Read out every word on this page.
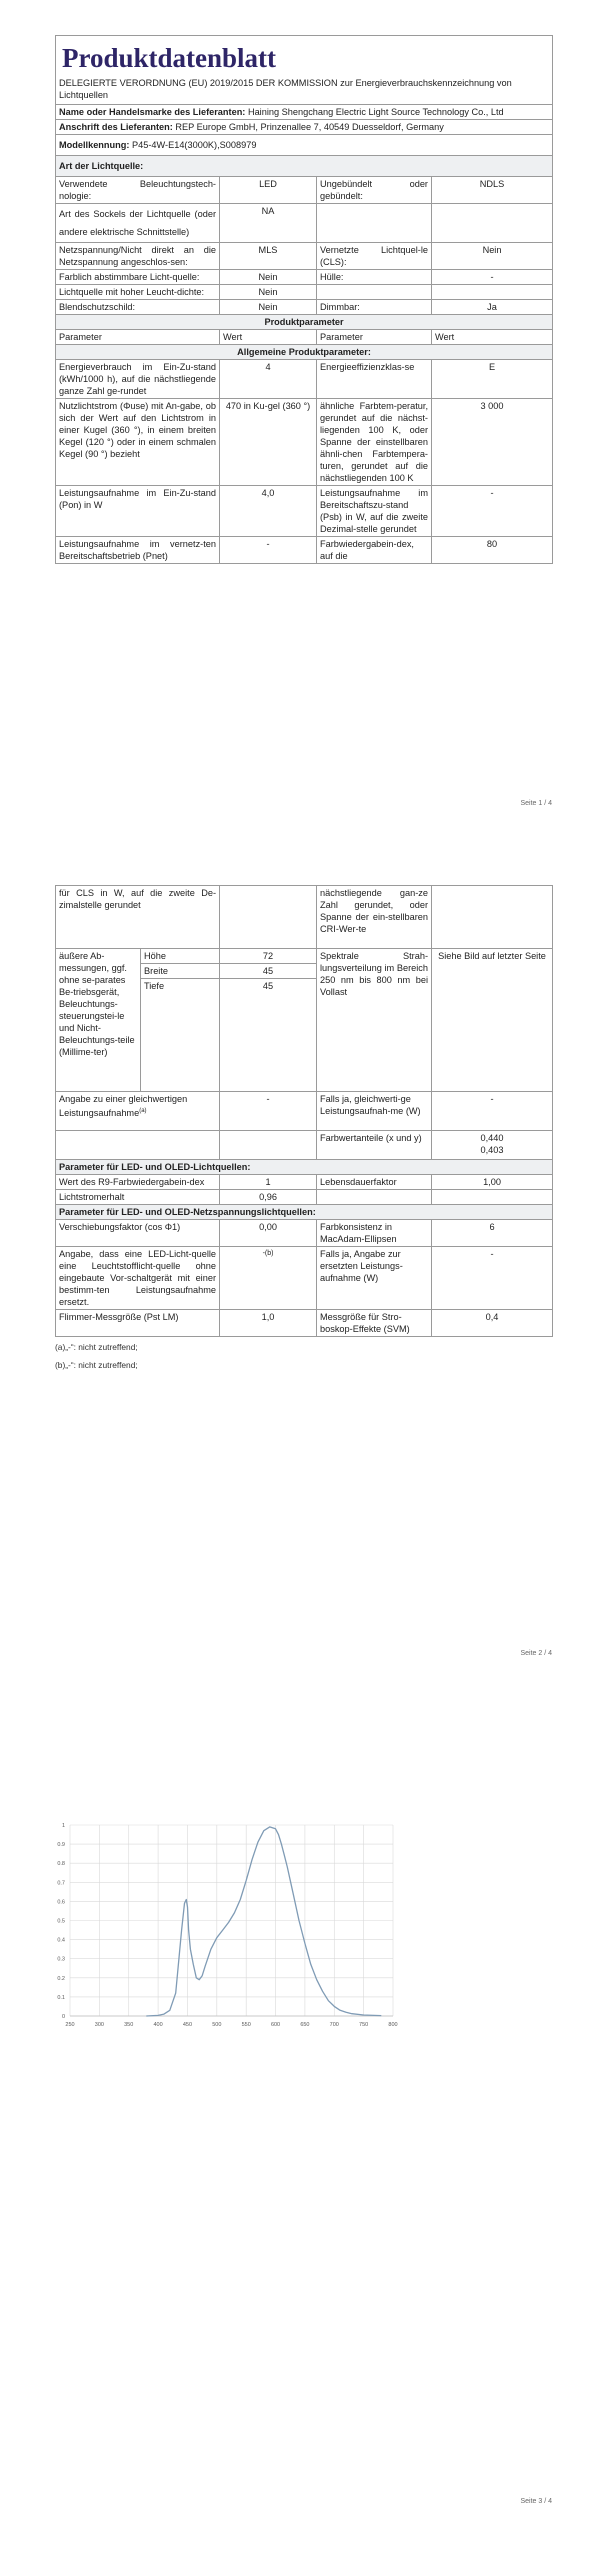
Produktdatenblatt
DELEGIERTE VERORDNUNG (EU) 2019/2015 DER KOMMISSION zur Energieverbrauchskennzeichnung von Lichtquellen			

Name oder Handelsmarke des Lieferanten: Haining Shengchang Electric Light Source Technology Co., Ltd			
Anschrift des Lieferanten: REP Europe GmbH, Prinzenallee 7, 40549 Duesseldorf, Germany			
Modellkennung: P45-4W-E14(3000K),S008979			
Art der Lichtquelle:			
Verwendete Beleuchtungstech-nologie:	LED	Ungebündelt oder gebündelt:	NDLS
Art des Sockels der Lichtquelle (oder andere elektrische Schnittstelle)	NA		
Netzspannung/Nicht direkt an die Netzspannung angeschlos-sen:	MLS	Vernetzte Lichtquel-le (CLS):	Nein
Farblich abstimmbare Licht-quelle:	Nein	Hülle:	-
Lichtquelle mit hoher Leucht-dichte:	Nein		
Blendschutzschild:	Nein	Dimmbar:	Ja
Produktparameter			
Parameter	Wert	Parameter	Wert
Allgemeine Produktparameter:			
Energieverbrauch im Ein-Zu-stand (kWh/1000 h), auf die nächstliegende ganze Zahl ge-rundet	4	Energieeffizienzklas-se	E
Nutzlichtstrom (Φuse) mit An-gabe, ob sich der Wert auf den Lichtstrom in einer Kugel (360 °), in einem breiten Kegel (120 °) oder in einem schmalen Kegel (90 °) bezieht	470 in Ku-gel (360 °)	ähnliche Farbtem-peratur, gerundet auf die nächst-liegenden 100 K, oder Spanne der einstellbaren ähnli-chen Farbtempera-turen, gerundet auf die nächstliegenden 100 K	3 000
Leistungsaufnahme im Ein-Zu-stand (Pon) in W	4,0	Leistungsaufnahme im Bereitschaftszu-stand (Psb) in W, auf die zweite Dezimal-stelle gerundet	-
Leistungsaufnahme im vernetz-ten Bereitschaftsbetrieb (Pnet)	-	Farbwiedergabein-dex, auf die	80
Seite 1 / 4
für CLS in W, auf die zweite De-zimalstelle gerundet			nächstliegende gan-ze Zahl gerundet, oder Spanne der ein-stellbaren CRI-Wer-te	
äußere Ab-messungen, ggf. ohne se-parates Be-triebsgerät, Beleuchtungs-steuerungstei-le und Nicht-Beleuchtungs-teile (Millime-ter)	Höhe	72	Spektrale Strah-lungsverteilung im Bereich 250 nm bis 800 nm bei Vollast	Siehe Bild auf letzter Seite
	Breite	45		
	Tiefe	45		

Angabe zu einer gleichwertigen Leistungsaufnahme$^{(a)}$		-	Falls ja, gleichwerti-ge Leistungsaufnah-me (W)	-
			Farbwertanteile (x und y)	0,440
0,403

Parameter für LED- und OLED-Lichtquellen:				
Wert des R9-Farbwiedergabein-dex		1	Lebensdauerfaktor	1,00
Lichtstromerhalt		0,96		
Parameter für LED- und OLED-Netzspannungslichtquellen:				
Verschiebungsfaktor (cos Φ1)		0,00	Farbkonsistenz in MacAdam-Ellipsen	6
Angabe, dass eine LED-Licht-quelle eine Leuchtstofflicht-quelle ohne eingebaute Vor-schaltgerät mit einer bestimm-ten Leistungsaufnahme ersetzt.		-(b)	Falls ja, Angabe zur ersetzten Leistungs-aufnahme (W)	-
Flimmer-Messgröße (Pst LM)		1,0	Messgröße für Stro-boskop-Effekte (SVM)	0,4
(a)„-“: nicht zutreffend;
(b)„-“: nicht zutreffend;
Seite 2 / 4
250	300	350	400	450	500	550	600	650	700	750	800
0
0.1
0.2
0.3
0.4
0.5
0.6
0.7
0.8
0.9
1
Seite 3 / 4
